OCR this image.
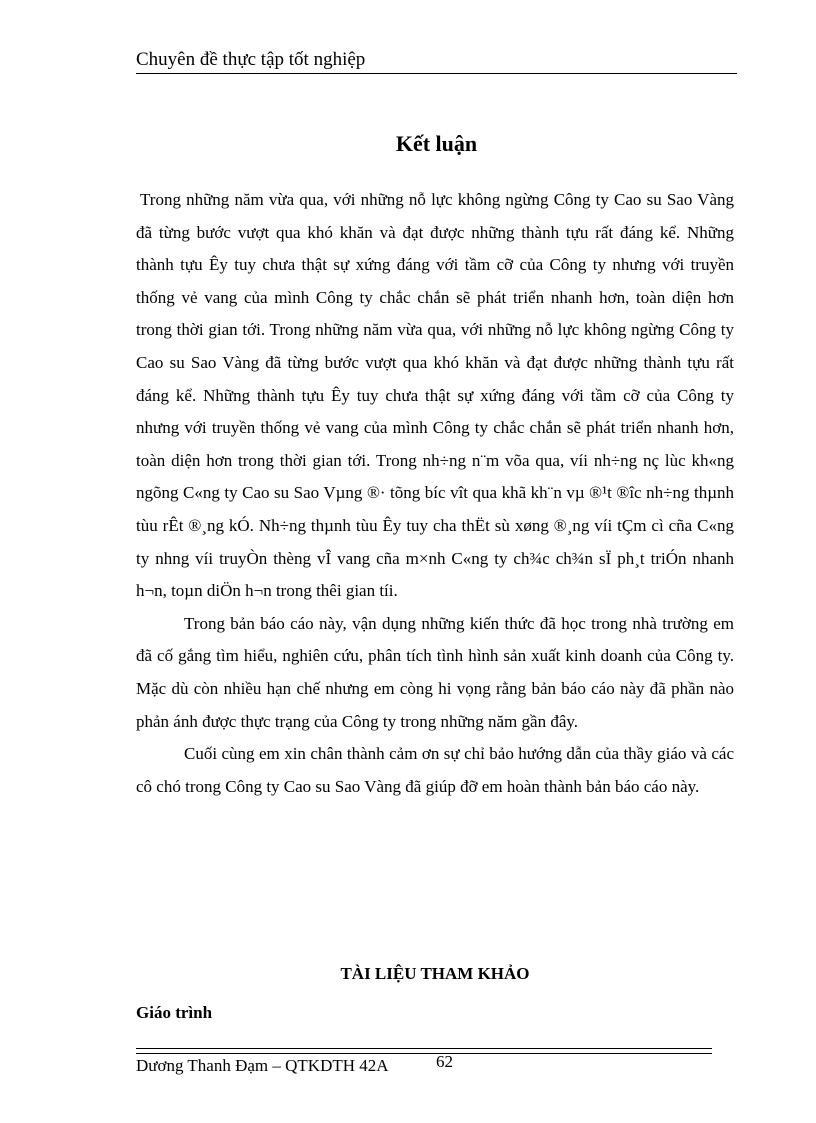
Chuyên đề thực tập tốt nghiệp
Kết luận

Trong những năm vừa qua, với những nỗ lực không ngừng Công ty Cao su Sao Vàng đã từng bước vượt qua khó khăn và đạt được những thành tựu rất đáng kể. Những thành tựu Êy tuy chưa thật sự xứng đáng với tầm cỡ của Công ty nhưng với truyền thống vẻ vang của mình Công ty chắc chắn sẽ phát triển nhanh hơn, toàn diện hơn trong thời gian tới. Trong những năm vừa qua, với những nỗ lực không ngừng Công ty Cao su Sao Vàng đã từng bước vượt qua khó khăn và đạt được những thành tựu rất đáng kể. Những thành tựu Êy tuy chưa thật sự xứng đáng với tầm cỡ của Công ty nhưng với truyền thống vẻ vang của mình Công ty chắc chắn sẽ phát triển nhanh hơn, toàn diện hơn trong thời gian tới. Trong nh÷ng n¨m võa qua, víi nh÷ng nç lùc kh«ng ngõng C«ng ty Cao su Sao Vµng ®· tõng bíc vît qua khã kh¨n vµ ®¹t ®îc nh÷ng thµnh tùu rÊt ®¸ng kÓ. Nh÷ng thµnh tùu Êy tuy cha thËt sù xøng ®¸ng víi tÇm cì cña C«ng ty nhng víi truyÒn thèng vÎ vang cña m×nh C«ng ty ch¾c ch¾n sÏ ph¸t triÓn nhanh h¬n, toµn diÖn h¬n trong thêi gian tíi.

Trong bản báo cáo này, vận dụng những kiến thức đã học trong nhà trường em đã cố gắng tìm hiểu, nghiên cứu, phân tích tình hình sản xuất kinh doanh của Công ty. Mặc dù còn nhiều hạn chế nhưng em còng hi vọng rằng bản báo cáo này đã phần nào phản ánh được thực trạng của Công ty trong những năm gần đây.

Cuối cùng em xin chân thành cảm ơn sự chỉ bảo hướng dẫn của thầy giáo và các cô chó trong Công ty Cao su Sao Vàng đã giúp đỡ em hoàn thành bản báo cáo này.

TÀI LIỆU THAM KHẢO
Giáo trình
Dương Thanh Đạm – QTKDTH 42A	62
